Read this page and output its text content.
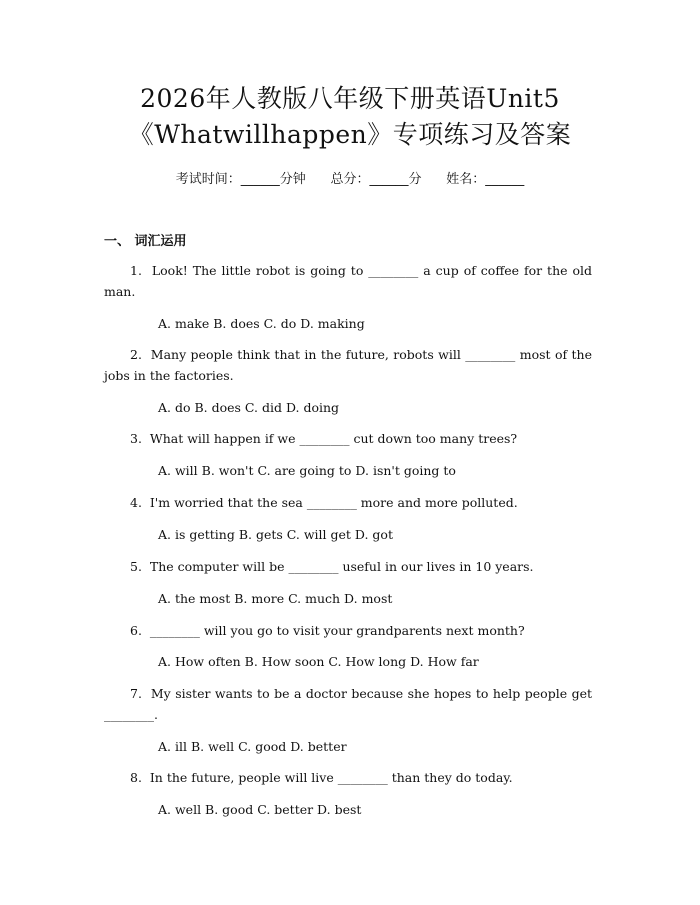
2026年人教版八年级下册英语Unit5
《Whatwillhappen》专项练习及答案
考试时间：______分钟      总分：______分      姓名：______
一、 词汇运用
1.  Look! The little robot is going to ________ a cup of coffee for the old man.
A. make B. does C. do D. making
2.  Many people think that in the future, robots will ________ most of the jobs in the factories.
A. do B. does C. did D. doing
3.  What will happen if we ________ cut down too many trees?
A. will B. won't C. are going to D. isn't going to
4.  I'm worried that the sea ________ more and more polluted.
A. is getting B. gets C. will get D. got
5.  The computer will be ________ useful in our lives in 10 years.
A. the most B. more C. much D. most
6.  ________ will you go to visit your grandparents next month?
A. How often B. How soon C. How long D. How far
7.  My sister wants to be a doctor because she hopes to help people get ________.
A. ill B. well C. good D. better
8.  In the future, people will live ________ than they do today.
A. well B. good C. better D. best
